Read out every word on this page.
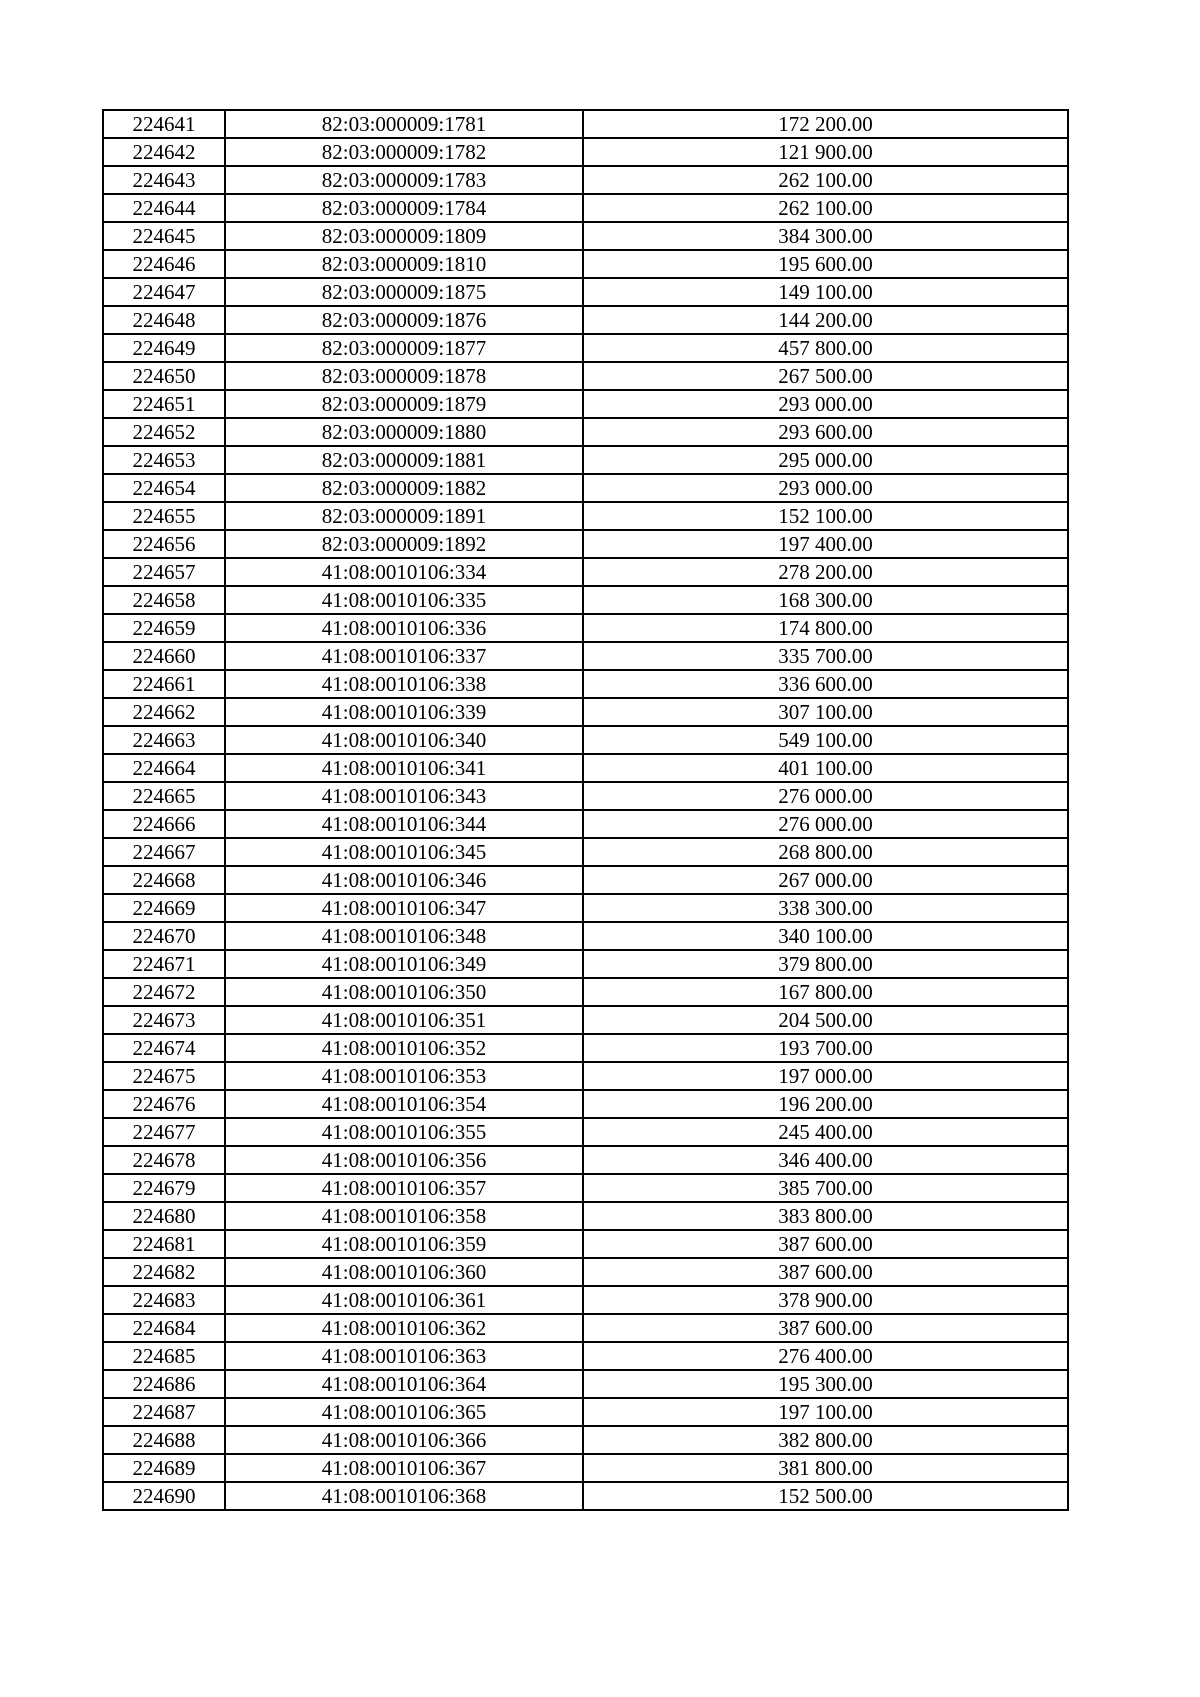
224641	82:03:000009:1781	172 200.00
224642	82:03:000009:1782	121 900.00
224643	82:03:000009:1783	262 100.00
224644	82:03:000009:1784	262 100.00
224645	82:03:000009:1809	384 300.00
224646	82:03:000009:1810	195 600.00
224647	82:03:000009:1875	149 100.00
224648	82:03:000009:1876	144 200.00
224649	82:03:000009:1877	457 800.00
224650	82:03:000009:1878	267 500.00
224651	82:03:000009:1879	293 000.00
224652	82:03:000009:1880	293 600.00
224653	82:03:000009:1881	295 000.00
224654	82:03:000009:1882	293 000.00
224655	82:03:000009:1891	152 100.00
224656	82:03:000009:1892	197 400.00
224657	41:08:0010106:334	278 200.00
224658	41:08:0010106:335	168 300.00
224659	41:08:0010106:336	174 800.00
224660	41:08:0010106:337	335 700.00
224661	41:08:0010106:338	336 600.00
224662	41:08:0010106:339	307 100.00
224663	41:08:0010106:340	549 100.00
224664	41:08:0010106:341	401 100.00
224665	41:08:0010106:343	276 000.00
224666	41:08:0010106:344	276 000.00
224667	41:08:0010106:345	268 800.00
224668	41:08:0010106:346	267 000.00
224669	41:08:0010106:347	338 300.00
224670	41:08:0010106:348	340 100.00
224671	41:08:0010106:349	379 800.00
224672	41:08:0010106:350	167 800.00
224673	41:08:0010106:351	204 500.00
224674	41:08:0010106:352	193 700.00
224675	41:08:0010106:353	197 000.00
224676	41:08:0010106:354	196 200.00
224677	41:08:0010106:355	245 400.00
224678	41:08:0010106:356	346 400.00
224679	41:08:0010106:357	385 700.00
224680	41:08:0010106:358	383 800.00
224681	41:08:0010106:359	387 600.00
224682	41:08:0010106:360	387 600.00
224683	41:08:0010106:361	378 900.00
224684	41:08:0010106:362	387 600.00
224685	41:08:0010106:363	276 400.00
224686	41:08:0010106:364	195 300.00
224687	41:08:0010106:365	197 100.00
224688	41:08:0010106:366	382 800.00
224689	41:08:0010106:367	381 800.00
224690	41:08:0010106:368	152 500.00
